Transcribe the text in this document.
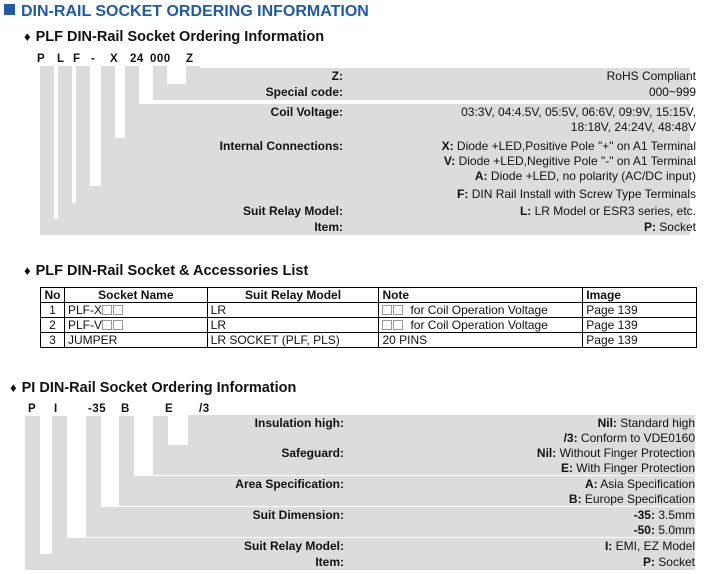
DIN-RAIL SOCKET ORDERING INFORMATION
♦ PLF DIN-Rail Socket Ordering Information
P L F - X 24 000 Z
Z:	RoHS Compliant
Special code:	000~999
Coil Voltage:	03:3V, 04:4.5V, 05:5V, 06:6V, 09:9V, 15:15V,
18:18V, 24:24V, 48:48V
Internal Connections:	X: Diode +LED,Positive Pole "+" on A1 Terminal
V: Diode +LED,Negitive Pole "-" on A1 Terminal
A: Diode +LED, no polarity (AC/DC input)
F: DIN Rail Install with Screw Type Terminals
Suit Relay Model:	L: LR Model or ESR3 series, etc.
Item:	P: Socket
♦ PLF DIN-Rail Socket & Accessories List
No	Socket Name	Suit Relay Model	Note	Image
1	PLF-X	LR	for Coil Operation Voltage	Page 139
2	PLF-V	LR	for Coil Operation Voltage	Page 139
3	JUMPER	LR SOCKET (PLF, PLS)	20 PINS	Page 139
♦ PI DIN-Rail Socket Ordering Information
P I	-35 B	E /3
Insulation high:	Nil: Standard high
/3: Conform to VDE0160
Safeguard:	Nil: Without Finger Protection
E: With Finger Protection
Area Specification:	A: Asia Specification
B: Europe Specification
Suit Dimension:	-35: 3.5mm
-50: 5.0mm
Suit Relay Model:	I: EMI, EZ Model
Item:	P: Socket
